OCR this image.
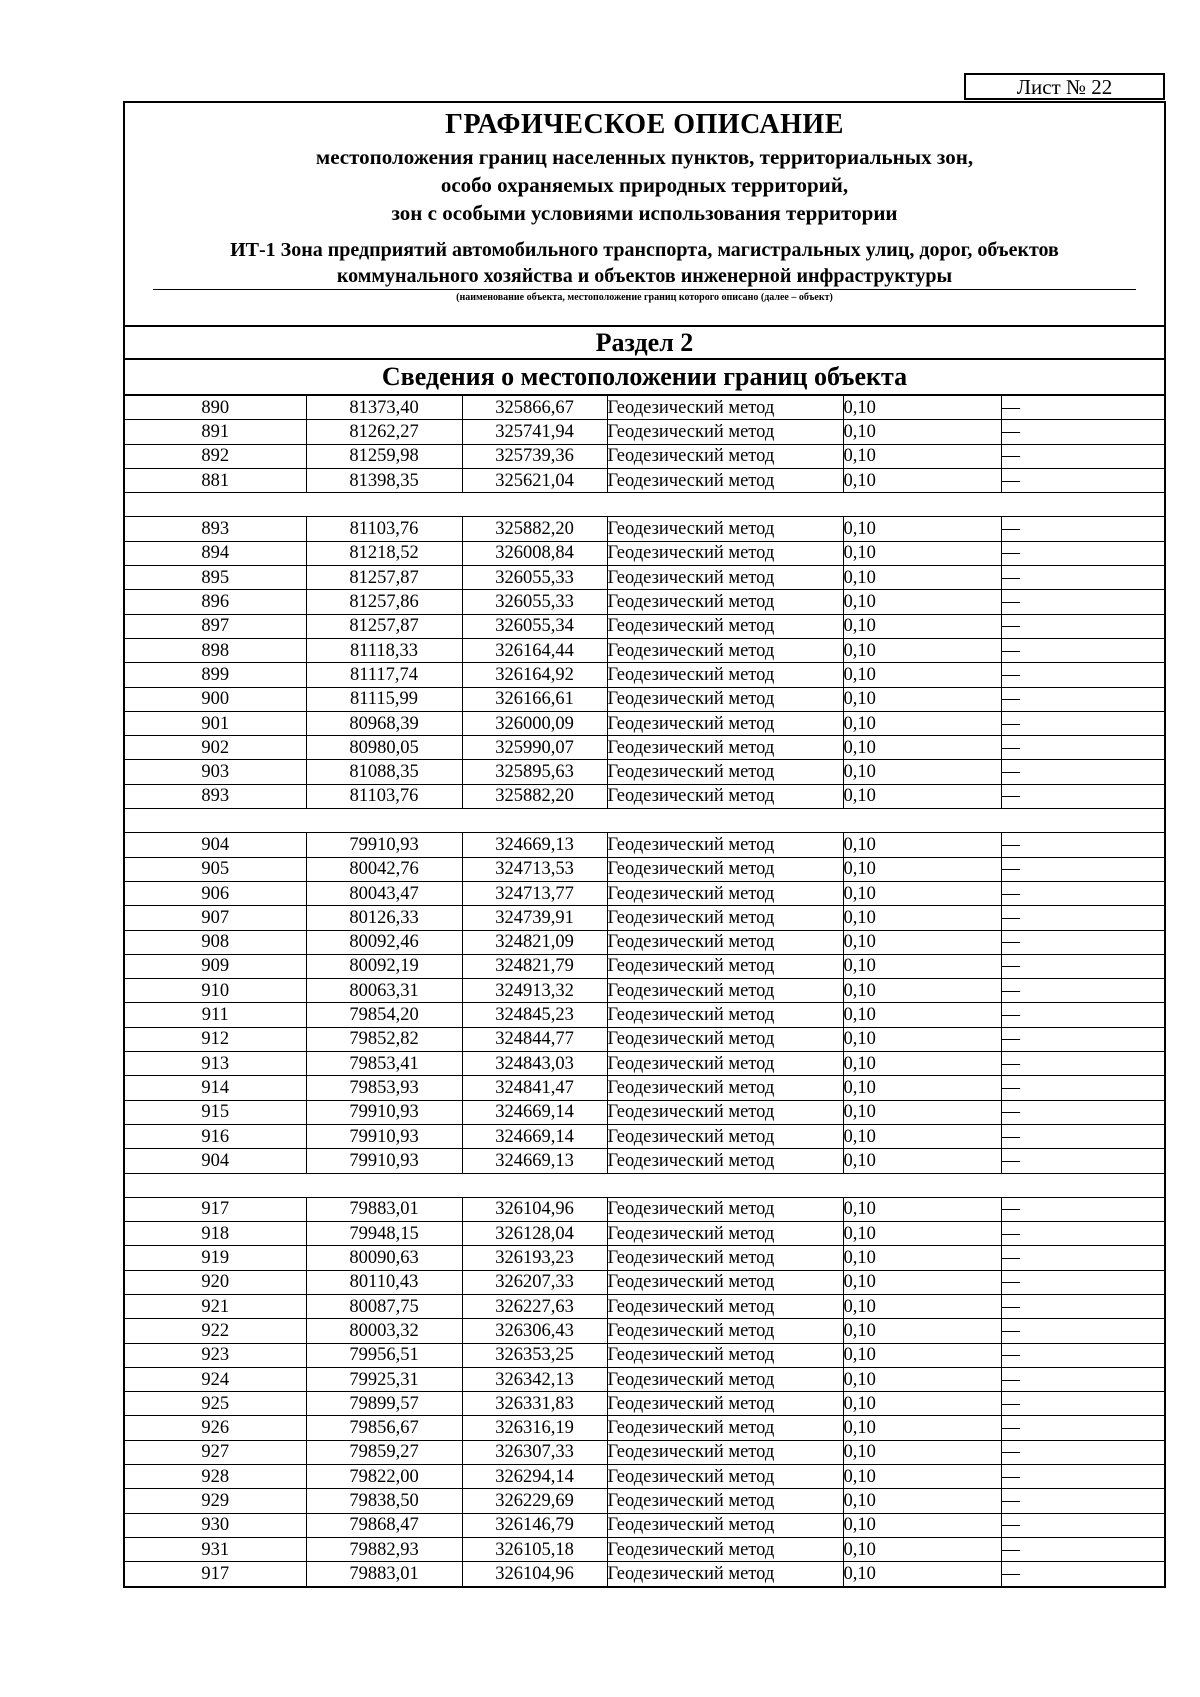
Лист № 22
ГРАФИЧЕСКОЕ ОПИСАНИЕ
местоположения границ населенных пунктов, территориальных зон,
особо охраняемых природных территорий,
зон с особыми условиями использования территории
ИТ-1 Зона предприятий автомобильного транспорта, магистральных улиц, дорог, объектов
коммунального хозяйства и объектов инженерной инфраструктуры
(наименование объекта, местоположение границ которого описано (далее – объект)
Раздел 2
Сведения о местоположении границ объекта
890	81373,40	325866,67	Геодезический метод	0,10	—
891	81262,27	325741,94	Геодезический метод	0,10	—
892	81259,98	325739,36	Геодезический метод	0,10	—
881	81398,35	325621,04	Геодезический метод	0,10	—

893	81103,76	325882,20	Геодезический метод	0,10	—
894	81218,52	326008,84	Геодезический метод	0,10	—
895	81257,87	326055,33	Геодезический метод	0,10	—
896	81257,86	326055,33	Геодезический метод	0,10	—
897	81257,87	326055,34	Геодезический метод	0,10	—
898	81118,33	326164,44	Геодезический метод	0,10	—
899	81117,74	326164,92	Геодезический метод	0,10	—
900	81115,99	326166,61	Геодезический метод	0,10	—
901	80968,39	326000,09	Геодезический метод	0,10	—
902	80980,05	325990,07	Геодезический метод	0,10	—
903	81088,35	325895,63	Геодезический метод	0,10	—
893	81103,76	325882,20	Геодезический метод	0,10	—

904	79910,93	324669,13	Геодезический метод	0,10	—
905	80042,76	324713,53	Геодезический метод	0,10	—
906	80043,47	324713,77	Геодезический метод	0,10	—
907	80126,33	324739,91	Геодезический метод	0,10	—
908	80092,46	324821,09	Геодезический метод	0,10	—
909	80092,19	324821,79	Геодезический метод	0,10	—
910	80063,31	324913,32	Геодезический метод	0,10	—
911	79854,20	324845,23	Геодезический метод	0,10	—
912	79852,82	324844,77	Геодезический метод	0,10	—
913	79853,41	324843,03	Геодезический метод	0,10	—
914	79853,93	324841,47	Геодезический метод	0,10	—
915	79910,93	324669,14	Геодезический метод	0,10	—
916	79910,93	324669,14	Геодезический метод	0,10	—
904	79910,93	324669,13	Геодезический метод	0,10	—

917	79883,01	326104,96	Геодезический метод	0,10	—
918	79948,15	326128,04	Геодезический метод	0,10	—
919	80090,63	326193,23	Геодезический метод	0,10	—
920	80110,43	326207,33	Геодезический метод	0,10	—
921	80087,75	326227,63	Геодезический метод	0,10	—
922	80003,32	326306,43	Геодезический метод	0,10	—
923	79956,51	326353,25	Геодезический метод	0,10	—
924	79925,31	326342,13	Геодезический метод	0,10	—
925	79899,57	326331,83	Геодезический метод	0,10	—
926	79856,67	326316,19	Геодезический метод	0,10	—
927	79859,27	326307,33	Геодезический метод	0,10	—
928	79822,00	326294,14	Геодезический метод	0,10	—
929	79838,50	326229,69	Геодезический метод	0,10	—
930	79868,47	326146,79	Геодезический метод	0,10	—
931	79882,93	326105,18	Геодезический метод	0,10	—
917	79883,01	326104,96	Геодезический метод	0,10	—
